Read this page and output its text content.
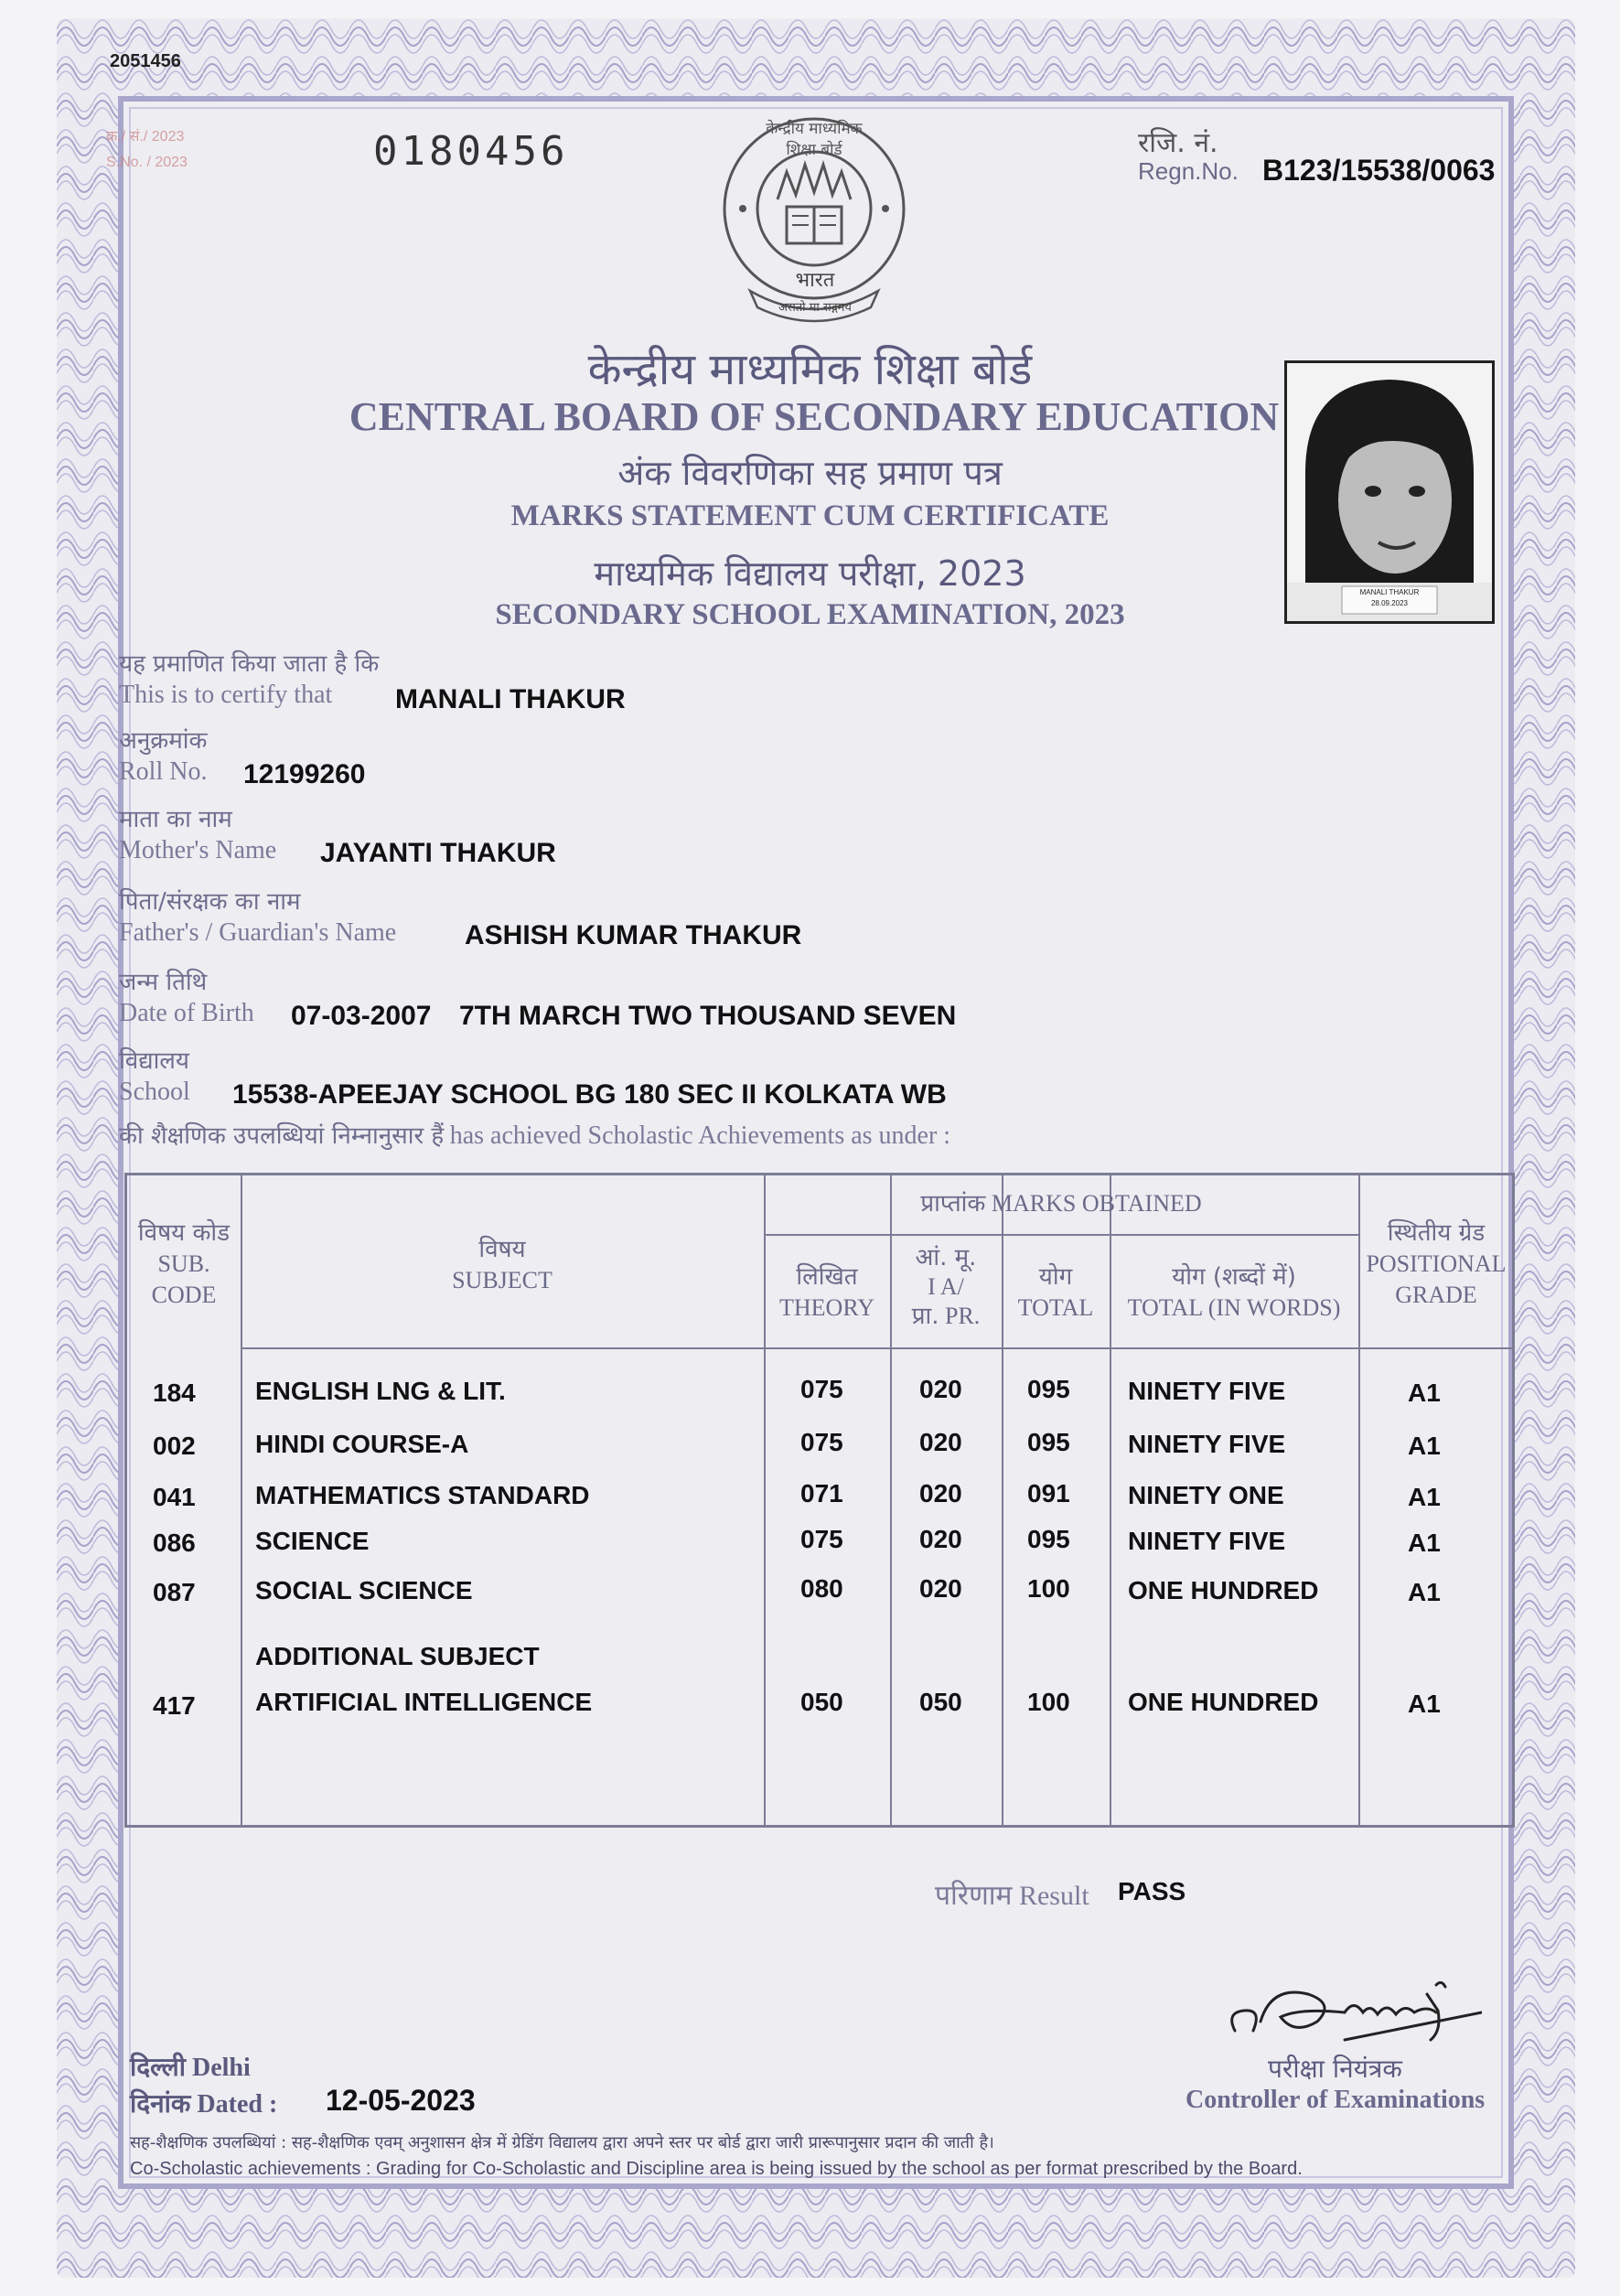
2051456
क्र./ सं./ 2023
S.No. / 2023	0180456	केन्द्रीय माध्यमिक शिक्षा बोर्ड
भारत
असतो मा सद्गमय
रजि. नं.
Regn.No. B123/15538/0063
केन्द्रीय माध्यमिक शिक्षा बोर्ड
CENTRAL BOARD OF SECONDARY EDUCATION
अंक विवरणिका सह प्रमाण पत्र
MARKS STATEMENT CUM CERTIFICATE
माध्यमिक विद्यालय परीक्षा, 2023
SECONDARY SCHOOL EXAMINATION, 2023
MANALI THAKUR
28.09.2023
यह प्रमाणित किया जाता है कि
This is to certify that MANALI THAKUR
अनुक्रमांक
Roll No. 12199260
माता का नाम
Mother's Name JAYANTI THAKUR
पिता/संरक्षक का नाम
Father's / Guardian's Name ASHISH KUMAR THAKUR
जन्म तिथि
Date of Birth 07-03-2007 7TH MARCH TWO THOUSAND SEVEN
विद्यालय
School 15538-APEEJAY SCHOOL BG 180 SEC II KOLKATA WB
की शैक्षणिक उपलब्धियां निम्नानुसार हैं has achieved Scholastic Achievements as under :
विषय कोड
SUB.
CODE
विषय
SUBJECT
प्राप्तांक MARKS OBTAINED
लिखित
THEORY
आं. मू.
I A/
प्रा. PR.
योग
TOTAL
योग (शब्दों में)
TOTAL (IN WORDS)
स्थितीय ग्रेड
POSITIONAL
GRADE
184 ENGLISH LNG & LIT.	075	020	095 NINETY FIVE	A1
002 HINDI COURSE-A	075	020	095 NINETY FIVE	A1
041 MATHEMATICS STANDARD	071	020	091 NINETY ONE	A1
086 SCIENCE	075	020	095 NINETY FIVE	A1
087 SOCIAL SCIENCE	080	020	100 ONE HUNDRED	A1
ADDITIONAL SUBJECT
417 ARTIFICIAL INTELLIGENCE	050	050	100 ONE HUNDRED	A1
परिणाम Result PASS
दिल्ली Delhi
दिनांक Dated : 12-05-2023
परीक्षा नियंत्रक
Controller of Examinations
सह-शैक्षणिक उपलब्धियां : सह-शैक्षणिक एवम् अनुशासन क्षेत्र में ग्रेडिंग विद्यालय द्वारा अपने स्तर पर बोर्ड द्वारा जारी प्रारूपानुसार प्रदान की जाती है।
Co-Scholastic achievements : Grading for Co-Scholastic and Discipline area is being issued by the school as per format prescribed by the Board.
